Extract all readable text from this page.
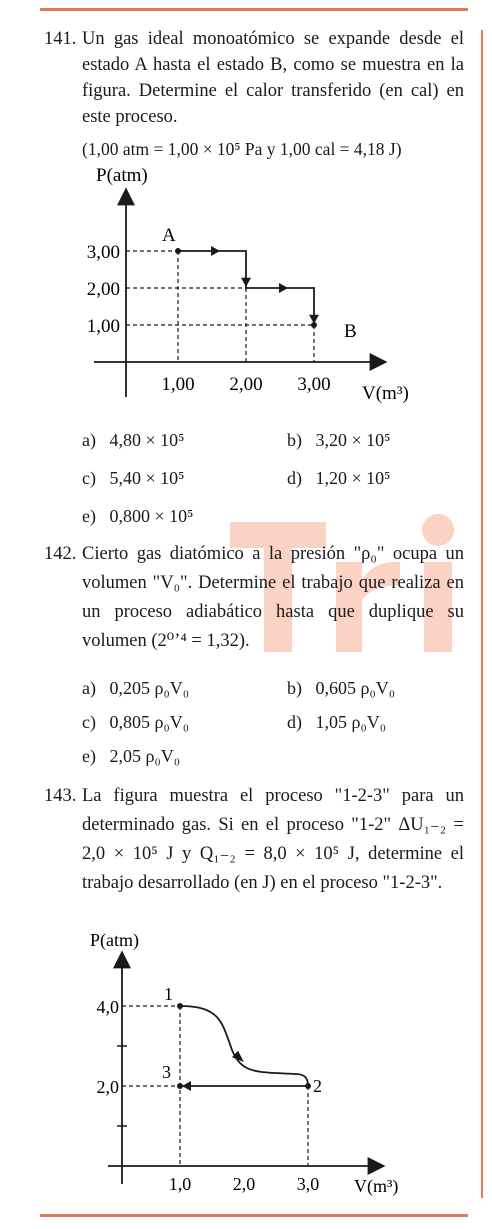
141. Un gas ideal monoatómico se expande desde el estado A hasta el estado B, como se muestra en la figura. Determine el calor transferido (en cal) en este proceso.
(1,00 atm = 1,00 × 10⁵ Pa y 1,00 cal = 4,18 J)
P(atm)
V(m³)
A
B
3,00
2,00
1,00
1,00 2,00 3,00
a) 4,80 × 10⁵	b) 3,20 × 10⁵
c) 5,40 × 10⁵	d) 1,20 × 10⁵
e) 0,800 × 10⁵
142. Cierto gas diatómico a la presión "ρ₀" ocupa un volumen "V₀". Determine el trabajo que realiza en un proceso adiabático hasta que duplique su volumen (2⁰ʼ⁴ = 1,32).
a) 0,205 ρ₀V₀	b) 0,605 ρ₀V₀
c) 0,805 ρ₀V₀	d) 1,05 ρ₀V₀
e) 2,05 ρ₀V₀
143. La figura muestra el proceso "1-2-3" para un determinado gas. Si en el proceso "1-2" ΔU₁₋₂ = 2,0 × 10⁵ J y Q₁₋₂ = 8,0 × 10⁵ J, determine el trabajo desarrollado (en J) en el proceso "1-2-3".
P(atm)
V(m³)
1
2
3
4,0
2,0
1,0 2,0 3,0
